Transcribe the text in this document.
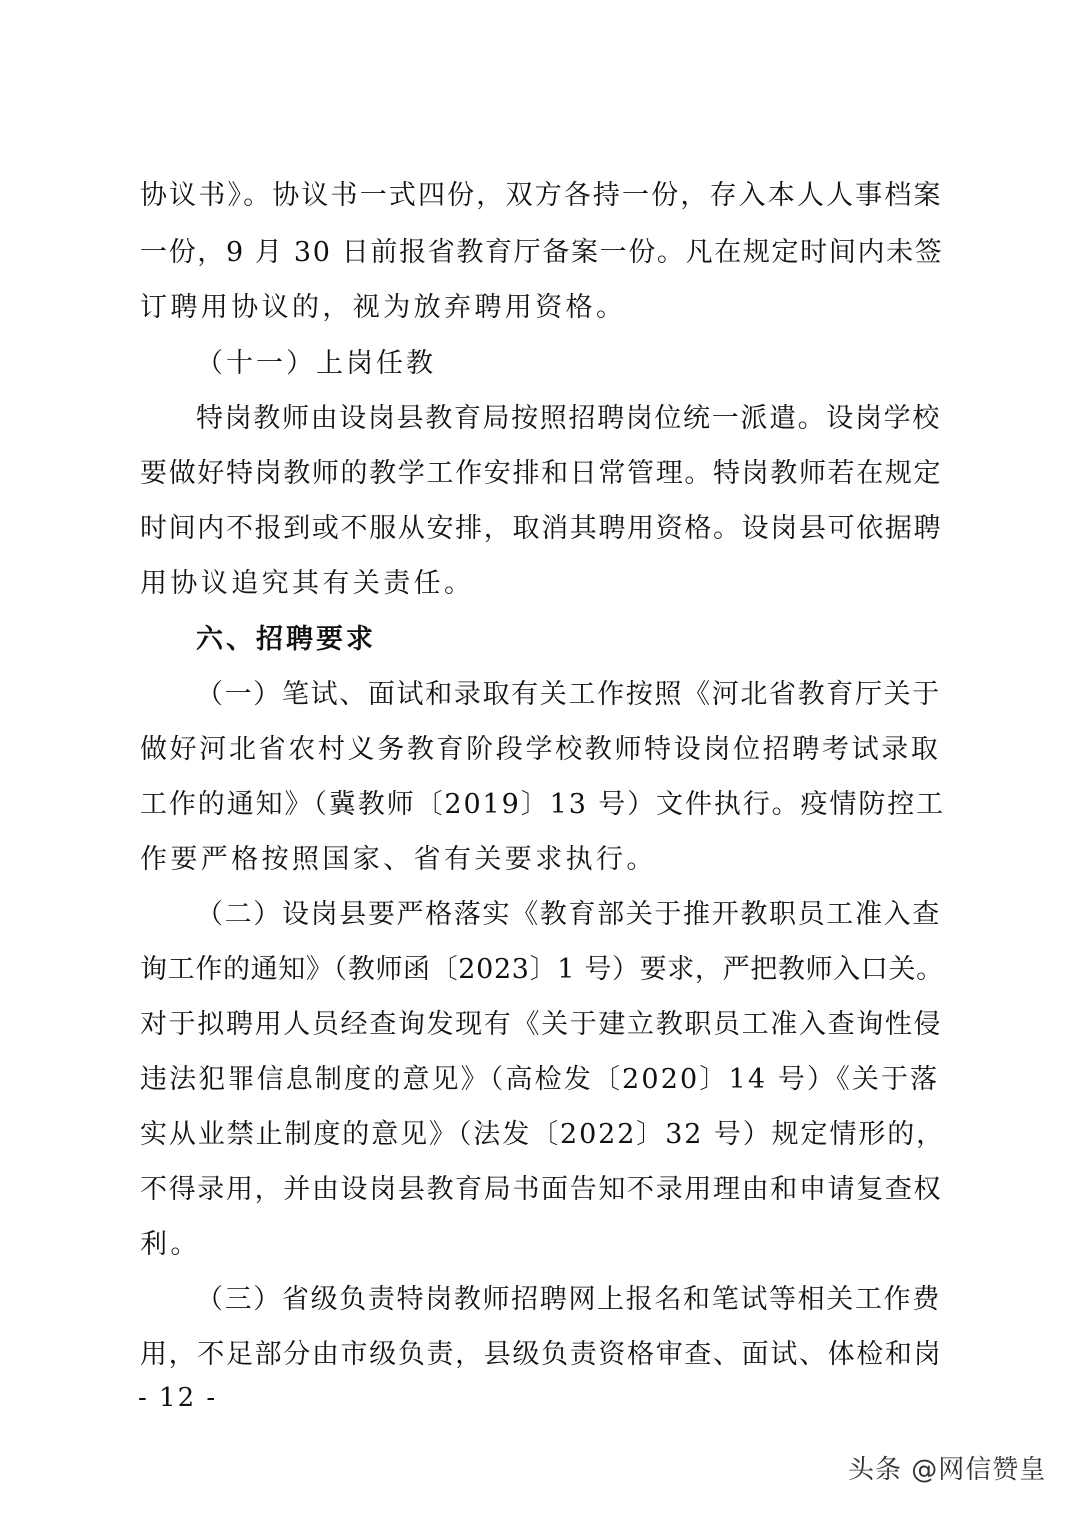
协议书》。协议书一式四份，双方各持一份，存入本人人事档案
一份，9 月 30 日前报省教育厅备案一份。凡在规定时间内未签
订聘用协议的，视为放弃聘用资格。
（十一）上岗任教
特岗教师由设岗县教育局按照招聘岗位统一派遣。设岗学校
要做好特岗教师的教学工作安排和日常管理。特岗教师若在规定
时间内不报到或不服从安排，取消其聘用资格。设岗县可依据聘
用协议追究其有关责任。
六、招聘要求
（一）笔试、面试和录取有关工作按照《河北省教育厅关于
做好河北省农村义务教育阶段学校教师特设岗位招聘考试录取
工作的通知》（冀教师〔2019〕13 号）文件执行。疫情防控工
作要严格按照国家、省有关要求执行。
（二）设岗县要严格落实《教育部关于推开教职员工准入查
询工作的通知》（教师函〔2023〕1 号）要求，严把教师入口关。
对于拟聘用人员经查询发现有《关于建立教职员工准入查询性侵
违法犯罪信息制度的意见》（高检发〔2020〕14 号）《关于落
实从业禁止制度的意见》（法发〔2022〕32 号）规定情形的，
不得录用，并由设岗县教育局书面告知不录用理由和申请复查权
利。
（三）省级负责特岗教师招聘网上报名和笔试等相关工作费
用，不足部分由市级负责，县级负责资格审查、面试、体检和岗
- 12 -
头条 @网信赞皇
